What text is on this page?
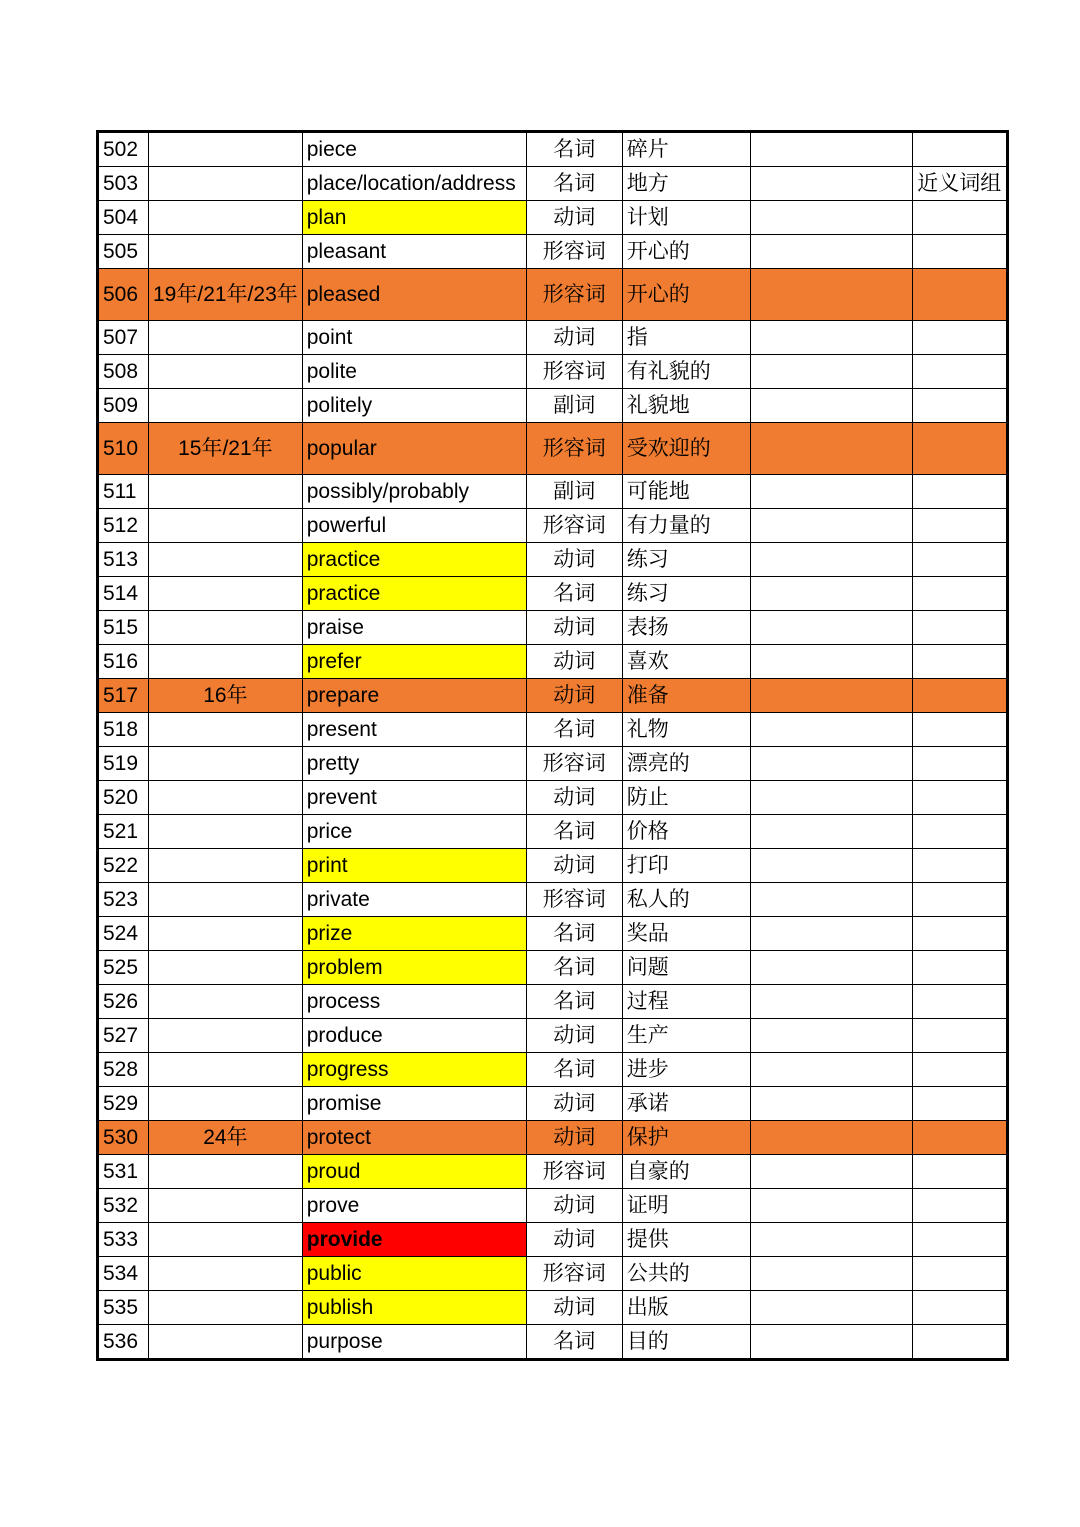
502		piece	名词	碎片		
503		place/location/address	名词	地方		近义词组
504		plan	动词	计划		
505		pleasant	形容词	开心的		
506	19年/21年/23年	pleased	形容词	开心的		
507		point	动词	指		
508		polite	形容词	有礼貌的		
509		politely	副词	礼貌地		
510	15年/21年	popular	形容词	受欢迎的		
511		possibly/probably	副词	可能地		
512		powerful	形容词	有力量的		
513		practice	动词	练习		
514		practice	名词	练习		
515		praise	动词	表扬		
516		prefer	动词	喜欢		
517	16年	prepare	动词	准备		
518		present	名词	礼物		
519		pretty	形容词	漂亮的		
520		prevent	动词	防止		
521		price	名词	价格		
522		print	动词	打印		
523		private	形容词	私人的		
524		prize	名词	奖品		
525		problem	名词	问题		
526		process	名词	过程		
527		produce	动词	生产		
528		progress	名词	进步		
529		promise	动词	承诺		
530	24年	protect	动词	保护		
531		proud	形容词	自豪的		
532		prove	动词	证明		
533		provide	动词	提供		
534		public	形容词	公共的		
535		publish	动词	出版		
536		purpose	名词	目的		
